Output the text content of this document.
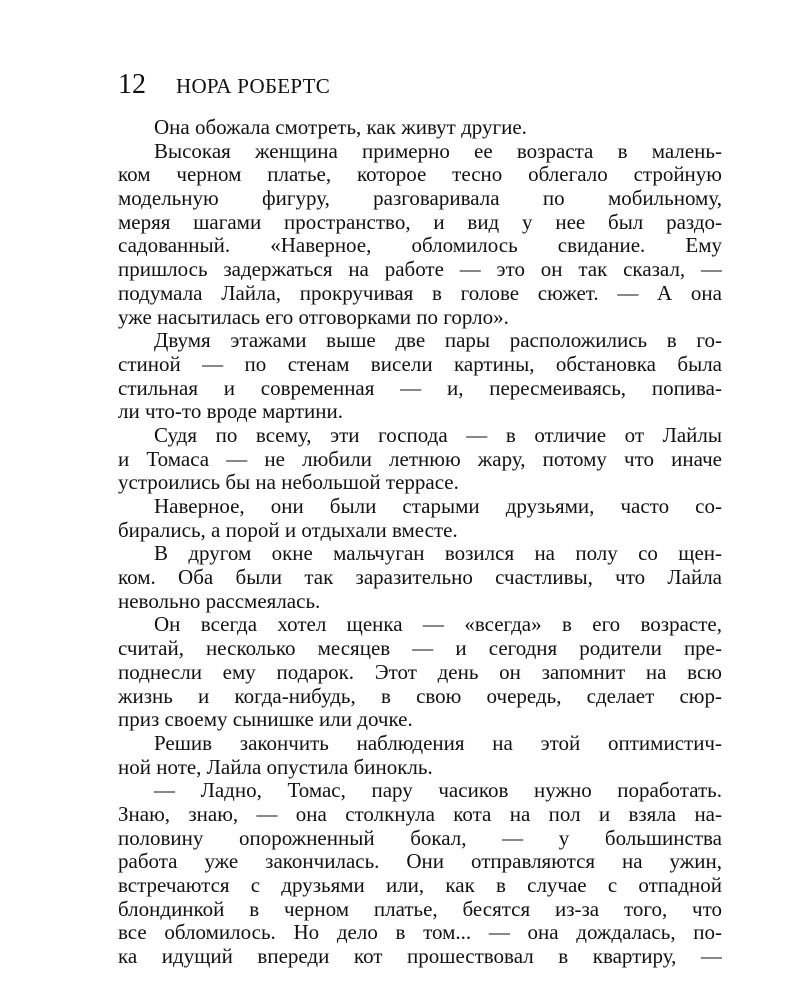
12 НОРА РОБЕРТС
Она обожала смотреть, как живут другие.
Высокая женщина примерно ее возраста в малень-
ком черном платье, которое тесно облегало стройную
модельную фигуру, разговаривала по мобильному,
меряя шагами пространство, и вид у нее был раздо-
садованный. «Наверное, обломилось свидание. Ему
пришлось задержаться на работе — это он так сказал, —
подумала Лайла, прокручивая в голове сюжет. — А она
уже насытилась его отговорками по горло».
Двумя этажами выше две пары расположились в го-
стиной — по стенам висели картины, обстановка была
стильная и современная — и, пересмеиваясь, попива-
ли что-то вроде мартини.
Судя по всему, эти господа — в отличие от Лайлы
и Томаса — не любили летнюю жару, потому что иначе
устроились бы на небольшой террасе.
Наверное, они были старыми друзьями, часто со-
бирались, а порой и отдыхали вместе.
В другом окне мальчуган возился на полу со щен-
ком. Оба были так заразительно счастливы, что Лайла
невольно рассмеялась.
Он всегда хотел щенка — «всегда» в его возрасте,
считай, несколько месяцев — и сегодня родители пре-
поднесли ему подарок. Этот день он запомнит на всю
жизнь и когда-нибудь, в свою очередь, сделает сюр-
приз своему сынишке или дочке.
Решив закончить наблюдения на этой оптимистич-
ной ноте, Лайла опустила бинокль.
— Ладно, Томас, пару часиков нужно поработать.
Знаю, знаю, — она столкнула кота на пол и взяла на-
половину опорожненный бокал, — у большинства
работа уже закончилась. Они отправляются на ужин,
встречаются с друзьями или, как в случае с отпадной
блондинкой в черном платье, бесятся из-за того, что
все обломилось. Но дело в том... — она дождалась, по-
ка идущий впереди кот прошествовал в квартиру, —
